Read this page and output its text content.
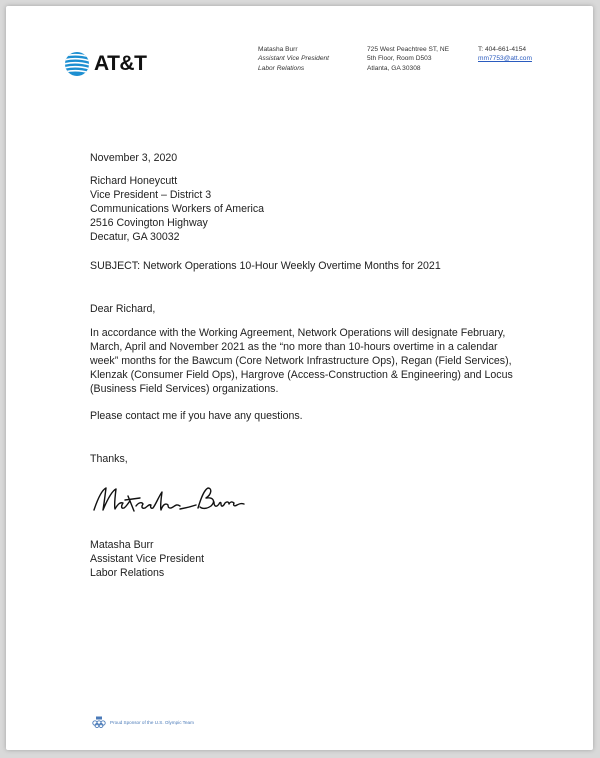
AT&T
Matasha Burr
Assistant Vice President
Labor Relations
725 West Peachtree ST, NE
5th Floor, Room D503
Atlanta, GA 30308
T: 404-661-4154
mm7753@att.com
November 3, 2020
Richard Honeycutt
Vice President – District 3
Communications Workers of America
2516 Covington Highway
Decatur, GA 30032
SUBJECT: Network Operations 10-Hour Weekly Overtime Months for 2021
Dear Richard,
In accordance with the Working Agreement, Network Operations will designate February,
March, April and November 2021 as the “no more than 10-hours overtime in a calendar
week” months for the Bawcum (Core Network Infrastructure Ops), Regan (Field Services),
Klenzak (Consumer Field Ops), Hargrove (Access-Construction & Engineering) and Locus
(Business Field Services) organizations.
Please contact me if you have any questions.
Thanks,
Matasha Burr
Assistant Vice President
Labor Relations
Proud Sponsor of the U.S. Olympic Team
